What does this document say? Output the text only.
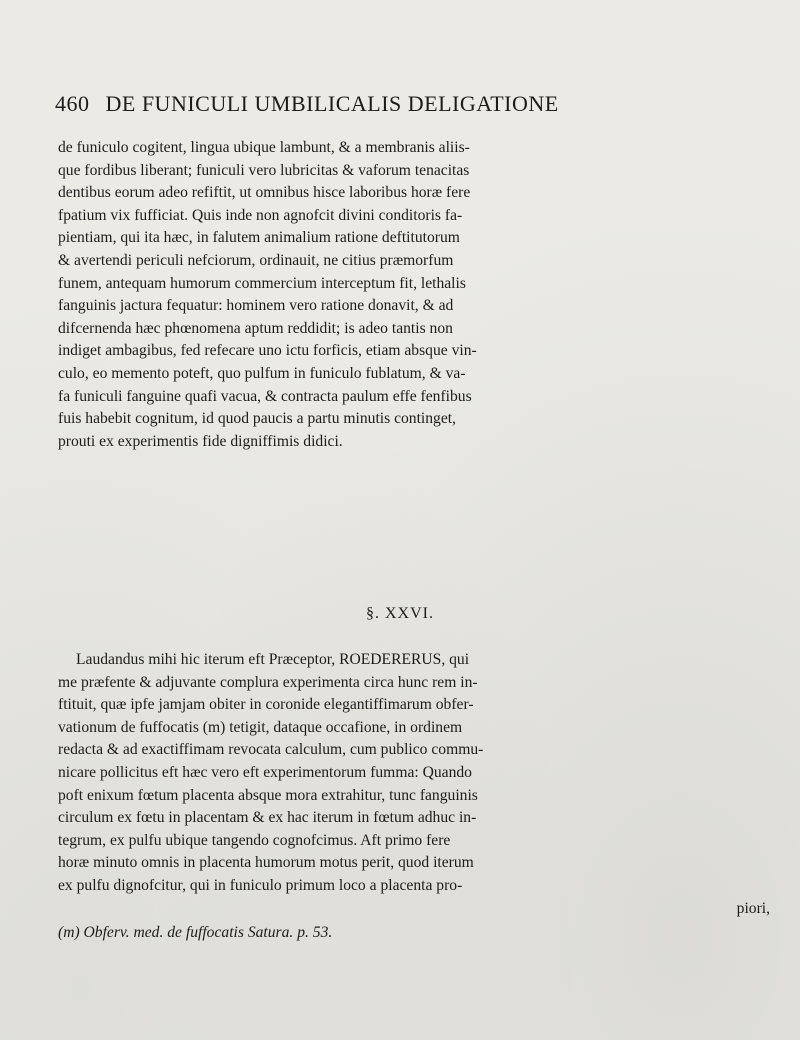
460 DE FUNICULI UMBILICALIS DELIGATIONE
de funiculo cogitent, lingua ubique lambunt, & a membranis aliis-
que fordibus liberant; funiculi vero lubricitas & vaforum tenacitas
dentibus eorum adeo refiftit, ut omnibus hisce laboribus horæ fere
fpatium vix fufficiat. Quis inde non agnofcit divini conditoris fa-
pientiam, qui ita hæc, in falutem animalium ratione deftitutorum
& avertendi periculi nefciorum, ordinauit, ne citius præmorfum
funem, antequam humorum commercium interceptum fit, lethalis
fanguinis jactura fequatur: hominem vero ratione donavit, & ad
difcernenda hæc phœnomena aptum reddidit; is adeo tantis non
indiget ambagibus, fed refecare uno ictu forficis, etiam absque vin-
culo, eo memento poteft, quo pulfum in funiculo fublatum, & va-
fa funiculi fanguine quafi vacua, & contracta paulum effe fenfibus
fuis habebit cognitum, id quod paucis a partu minutis continget,
prouti ex experimentis fide digniffimis didici.
§. XXVI.
Laudandus mihi hic iterum eft Præceptor, ROEDERERUS, qui
me præfente & adjuvante complura experimenta circa hunc rem in-
ftituit, quæ ipfe jamjam obiter in coronide elegantiffimarum obfer-
vationum de fuffocatis (m) tetigit, dataque occafione, in ordinem
redacta & ad exactiffimam revocata calculum, cum publico commu-
nicare pollicitus eft hæc vero eft experimentorum fumma: Quando
poft enixum fœtum placenta absque mora extrahitur, tunc fanguinis
circulum ex fœtu in placentam & ex hac iterum in fœtum adhuc in-
tegrum, ex pulfu ubique tangendo cognofcimus. Aft primo fere
horæ minuto omnis in placenta humorum motus perit, quod iterum
ex pulfu dignofcitur, qui in funiculo primum loco a placenta pro-
piori,
(m) Obferv. med. de fuffocatis Satura. p. 53.
